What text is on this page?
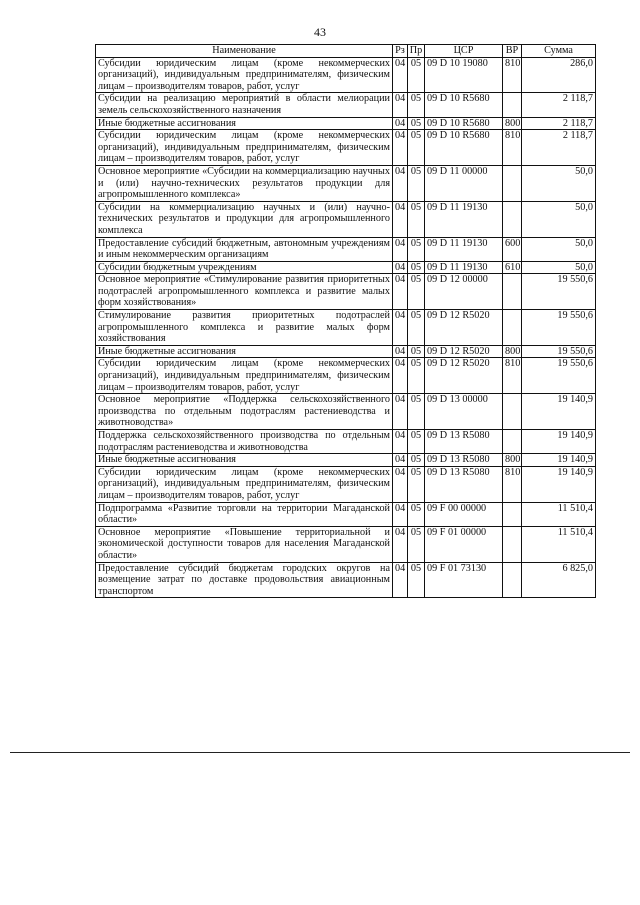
43
Наименование	Рз	Пр	ЦСР	ВР	Сумма
Субсидии юридическим лицам (кроме некоммерческих организаций), индивидуальным предпринимателям, физическим лицам – производителям товаров, работ, услуг	04	05	09 D 10 19080	810	286,0
Субсидии на реализацию мероприятий в области мелиорации земель сельскохозяйственного назначения	04	05	09 D 10 R5680		2 118,7
Иные бюджетные ассигнования	04	05	09 D 10 R5680	800	2 118,7
Субсидии юридическим лицам (кроме некоммерческих организаций), индивидуальным предпринимателям, физическим лицам – производителям товаров, работ, услуг	04	05	09 D 10 R5680	810	2 118,7
Основное мероприятие «Субсидии на коммерциализацию научных и (или) научно-технических результатов продукции для агропромышленного комплекса»	04	05	09 D 11 00000		50,0
Субсидии на коммерциализацию научных и (или) научно-технических результатов и продукции для агропромышленного комплекса	04	05	09 D 11 19130		50,0
Предоставление субсидий бюджетным, автономным учреждениям и иным некоммерческим организациям	04	05	09 D 11 19130	600	50,0
Субсидии бюджетным учреждениям	04	05	09 D 11 19130	610	50,0
Основное мероприятие «Стимулирование развития приоритетных подотраслей агропромышленного комплекса и развитие малых форм хозяйствования»	04	05	09 D 12 00000		19 550,6
Стимулирование развития приоритетных подотраслей агропромышленного комплекса и развитие малых форм хозяйствования	04	05	09 D 12 R5020		19 550,6
Иные бюджетные ассигнования	04	05	09 D 12 R5020	800	19 550,6
Субсидии юридическим лицам (кроме некоммерческих организаций), индивидуальным предпринимателям, физическим лицам – производителям товаров, работ, услуг	04	05	09 D 12 R5020	810	19 550,6
Основное мероприятие «Поддержка сельскохозяйственного производства по отдельным подотраслям растениеводства и животноводства»	04	05	09 D 13 00000		19 140,9
Поддержка сельскохозяйственного производства по отдельным подотраслям растениеводства и животноводства	04	05	09 D 13 R5080		19 140,9
Иные бюджетные ассигнования	04	05	09 D 13 R5080	800	19 140,9
Субсидии юридическим лицам (кроме некоммерческих организаций), индивидуальным предпринимателям, физическим лицам – производителям товаров, работ, услуг	04	05	09 D 13 R5080	810	19 140,9
Подпрограмма «Развитие торговли на территории Магаданской области»	04	05	09 F 00 00000		11 510,4
Основное мероприятие «Повышение территориальной и экономической доступности товаров для населения Магаданской области»	04	05	09 F 01 00000		11 510,4
Предоставление субсидий бюджетам городских округов на возмещение затрат по доставке продовольствия авиационным транспортом	04	05	09 F 01 73130		6 825,0
